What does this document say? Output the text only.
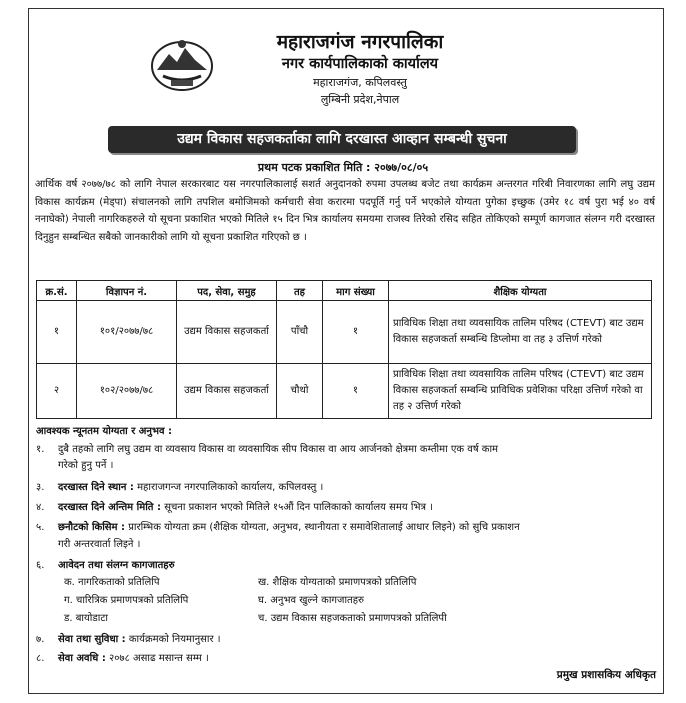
महाराजगंज नगरपालिका
नगर कार्यपालिकाको कार्यालय
महाराजगंज, कपिलवस्तु
लुम्बिनी प्रदेश,नेपाल
उद्यम विकास सहजकर्ताका लागि दरखास्त आव्हान सम्बन्धी सुचना
प्रथम पटक प्रकाशित मिति : २०७७/०८/०५
आर्थिक वर्ष २०७७/७८ को लागि नेपाल सरकारबाट यस नगरपालिकालाई सशर्त अनुदानको रुपमा उपलब्ध बजेट तथा कार्यक्रम अन्तरगत गरिबी निवारणका लागि लघु उद्यम विकास कार्यक्रम (मेड्पा) संचालनको लागि तपशिल बमोजिमको कर्मचारी सेवा करारमा पदपूर्ति गर्नु पर्ने भएकोले योग्यता पुगेका इच्छुक (उमेर १८ वर्ष पुरा भई ४० वर्ष ननाघेको) नेपाली नागरिकहरुले यो सूचना प्रकाशित भएको मितिले १५ दिन भित्र कार्यालय समयमा राजस्व तिरेको रसिद सहित तोकिएको सम्पूर्ण कागजात संलग्न गरी दरखास्त दिनुहुन सम्बन्धित सबैको जानकारीको लागि यो सूचना प्रकाशित गरिएको छ ।
क्र.सं.	विज्ञापन नं.	पद, सेवा, समुह	तह	माग संख्या	शैक्षिक योग्यता
१	१०१/२०७७/७८	उद्यम विकास सहजकर्ता	पाँचौ	१	प्राविधिक शिक्षा तथा व्यवसायिक तालिम परिषद (CTEVT) बाट उद्यम विकास सहजकर्ता सम्बन्धि डिप्लोमा वा तह ३ उत्तिर्ण गरेको
२	१०२/२०७७/७८	उद्यम विकास सहजकर्ता	चौथो	१	प्राविधिक शिक्षा तथा व्यवसायिक तालिम परिषद (CTEVT) बाट उद्यम विकास सहजकर्ता सम्बन्धि प्राविधिक प्रवेशिका परिक्षा उत्तिर्ण गरेको वा तह २ उत्तिर्ण गरेको
आवश्यक न्यूनतम योग्यता र अनुभव :
१. दुबै तहको लागि लघु उद्यम वा व्यवसाय विकास वा व्यवसायिक सीप विकास वा आय आर्जनको क्षेत्रमा कम्तीमा एक वर्ष काम
गरेको हुनु पर्ने ।
३. दरखास्त दिने स्थान : महाराजगन्ज नगरपालिकाको कार्यालय, कपिलवस्तु ।
४. दरखास्त दिने अन्तिम मिति : सूचना प्रकाशन भएको मितिले १५औं दिन पालिकाको कार्यालय समय भित्र ।
५. छनौटको किसिम : प्रारम्भिक योग्यता क्रम (शैक्षिक योग्यता, अनुभव, स्थानीयता र समावेशितालाई आधार लिइने) को सुचि प्रकाशन
गरी अन्तरवार्ता लिइने ।
६. आवेदन तथा संलग्न कागजातहरु
क. नागरिकताको प्रतिलिपि	ख. शैक्षिक योग्यताको प्रमाणपत्रको प्रतिलिपि
ग. चारित्रिक प्रमाणपत्रको प्रतिलिपि	घ. अनुभव खुल्ने कागजातहरु
ड. बायोडाटा	च. उद्यम विकास सहजकताको प्रमाणपत्रको प्रतिलिपी
७. सेवा तथा सुविधा : कार्यक्रमको नियमानुसार ।
८. सेवा अवधि : २०७८ असाढ मसान्त सम्म ।
प्रमुख प्रशासकिय अधिकृत
